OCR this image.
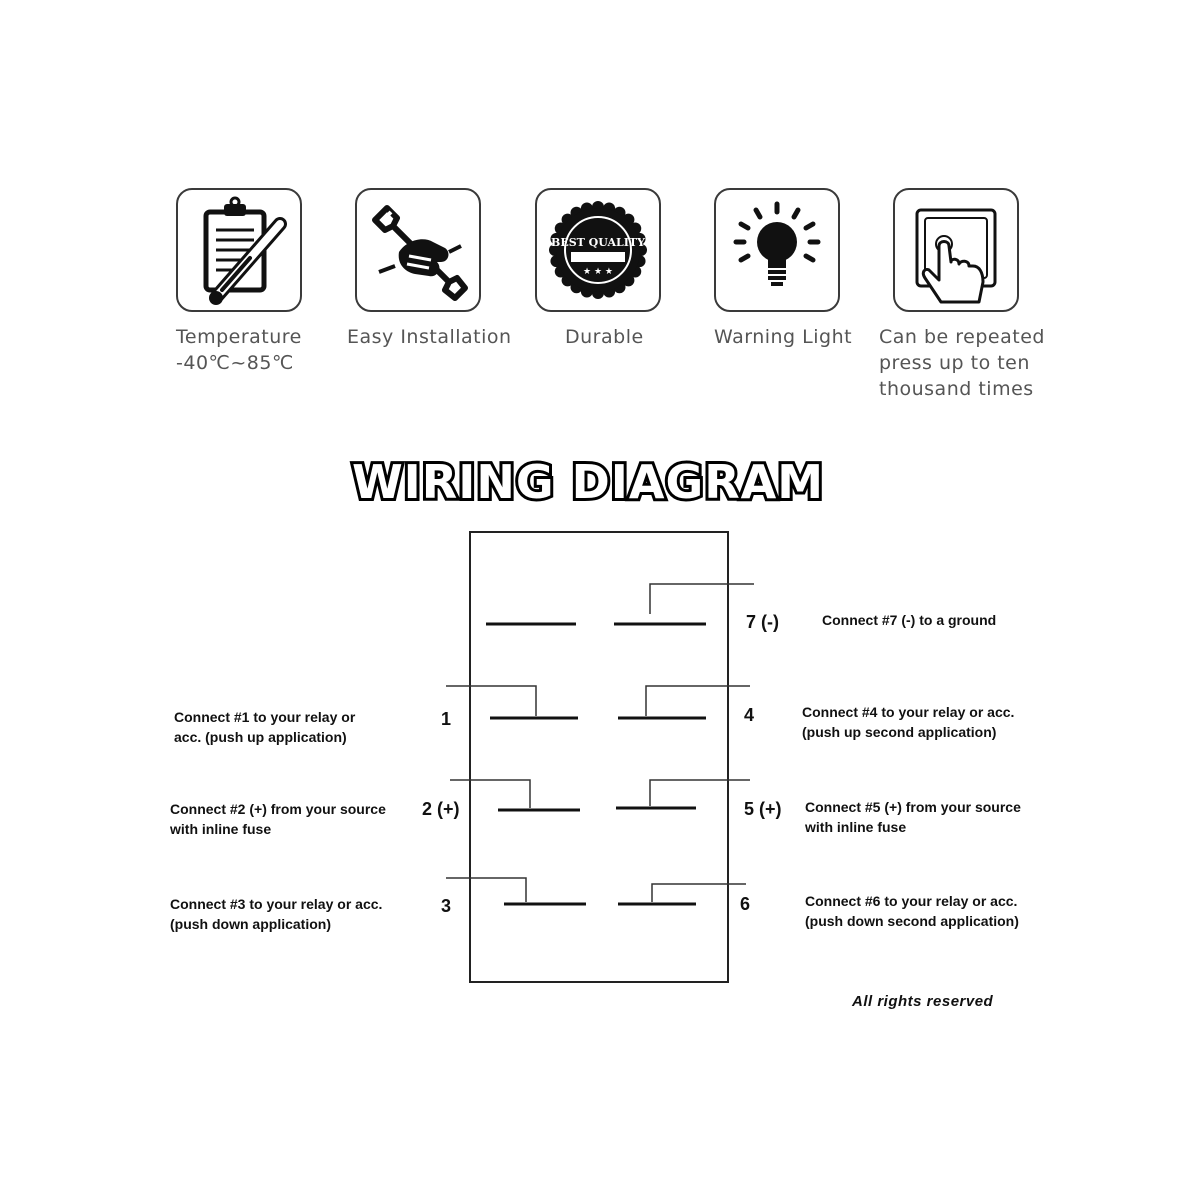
Temperature
-40℃~85℃
Easy Installation
BEST QUALITY
★ ★ ★
Durable	Warning Light	Can be repeated
press up to ten
thousand times
WIRING DIAGRAM
7 (-)
1	4
2 (+)	5 (+)
3	6
Connect #7 (-) to a ground
Connect #1 to your relay or
acc. (push up application)
Connect #4 to your relay or acc.
(push up second application)
Connect #2 (+) from your source
with inline fuse
Connect #5 (+) from your source
with inline fuse
Connect #3 to your relay or acc.
(push down application)
Connect #6 to your relay or acc.
(push down second application)
All rights reserved
